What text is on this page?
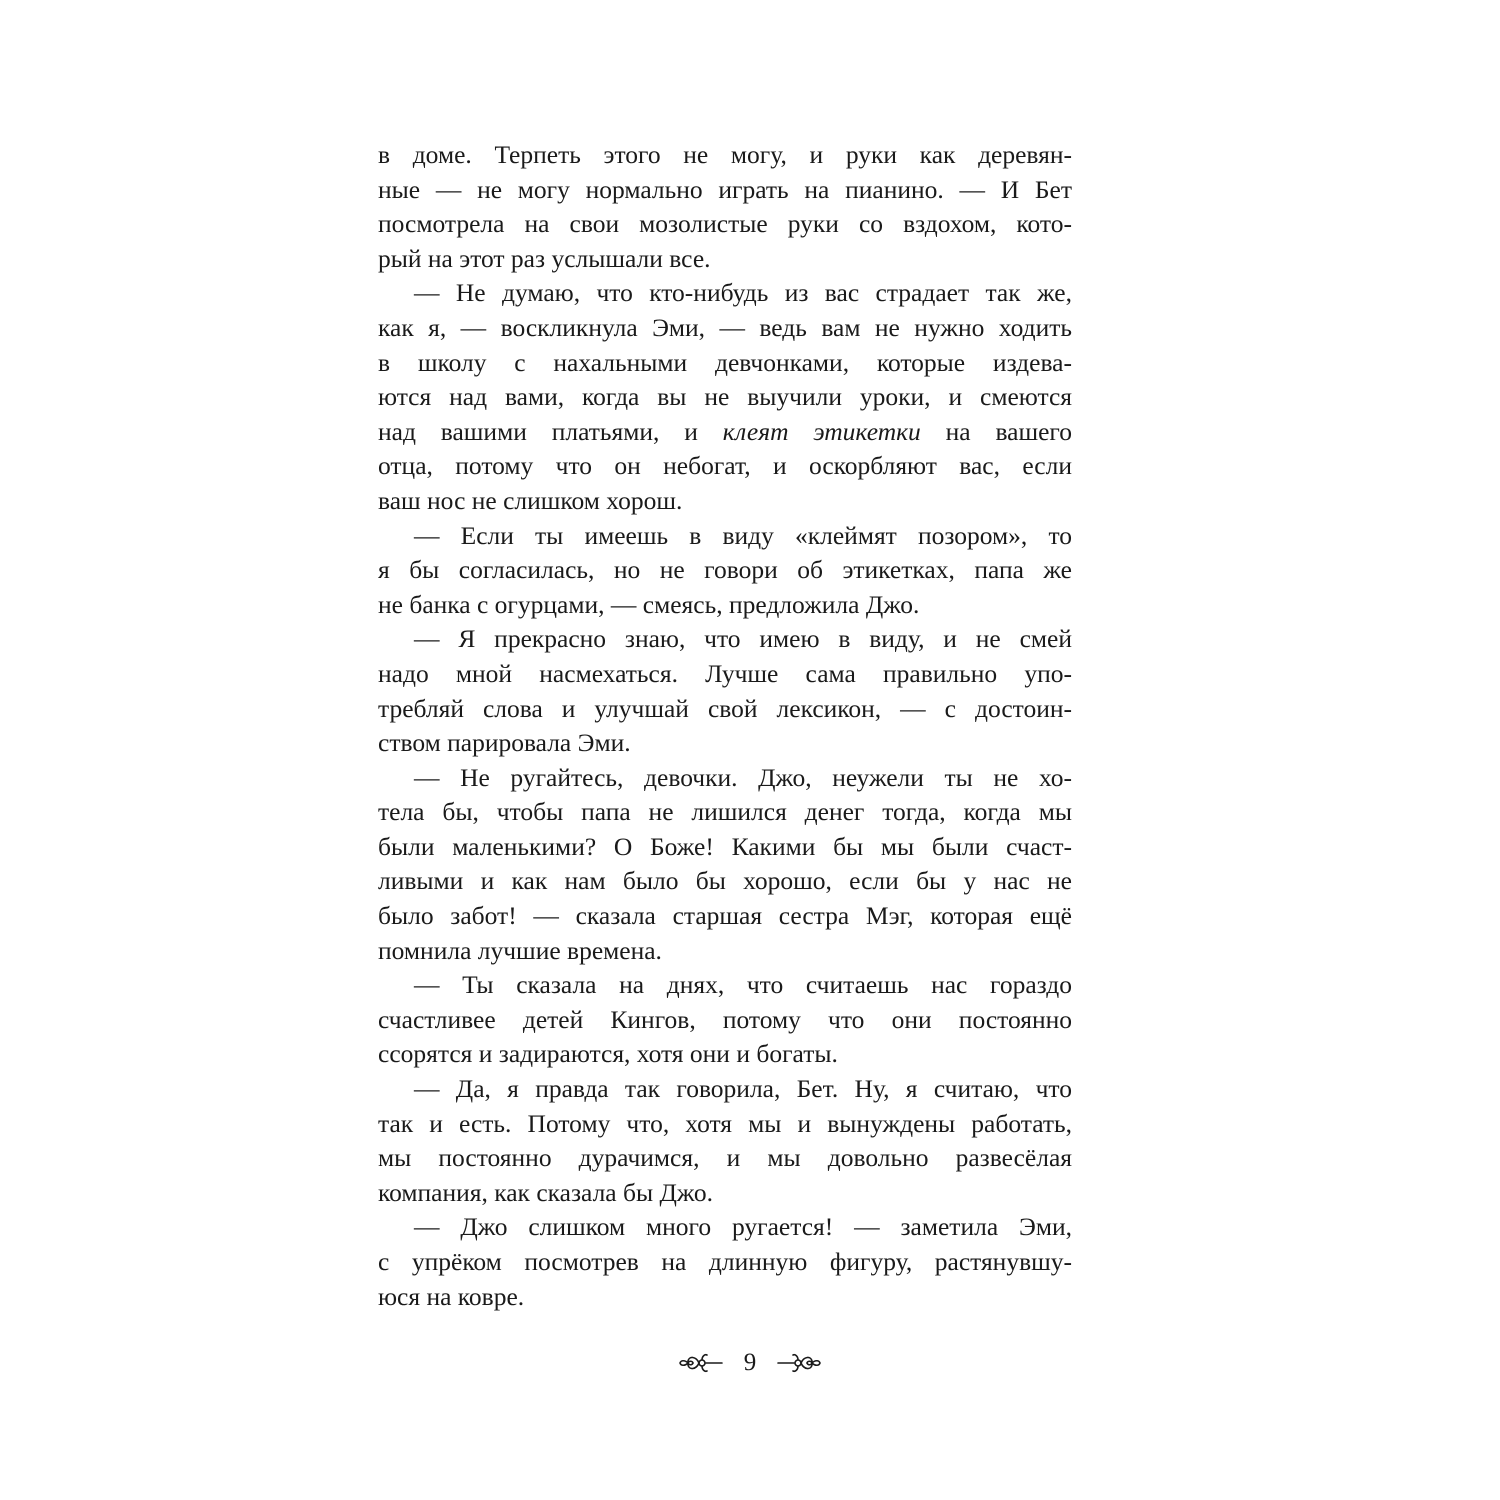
в доме. Терпеть этого не могу, и руки как деревян-
ные — не могу нормально играть на пианино. — И Бет
посмотрела на свои мозолистые руки со вздохом, кото-
рый на этот раз услышали все.
— Не думаю, что кто-нибудь из вас страдает так же,
как я, — воскликнула Эми, — ведь вам не нужно ходить
в школу с нахальными девчонками, которые издева-
ются над вами, когда вы не выучили уроки, и смеются
над вашими платьями, и клеят этикетки на вашего
отца, потому что он небогат, и оскорбляют вас, если
ваш нос не слишком хорош.
— Если ты имеешь в виду «клеймят позором», то
я бы согласилась, но не говори об этикетках, папа же
не банка с огурцами, — смеясь, предложила Джо.
— Я прекрасно знаю, что имею в виду, и не смей
надо мной насмехаться. Лучше сама правильно упо-
требляй слова и улучшай свой лексикон, — с достоин-
ством парировала Эми.
— Не ругайтесь, девочки. Джо, неужели ты не хо-
тела бы, чтобы папа не лишился денег тогда, когда мы
были маленькими? О Боже! Какими бы мы были счаст-
ливыми и как нам было бы хорошо, если бы у нас не
было забот! — сказала старшая сестра Мэг, которая ещё
помнила лучшие времена.
— Ты сказала на днях, что считаешь нас гораздо
счастливее детей Кингов, потому что они постоянно
ссорятся и задираются, хотя они и богаты.
— Да, я правда так говорила, Бет. Ну, я считаю, что
так и есть. Потому что, хотя мы и вынуждены работать,
мы постоянно дурачимся, и мы довольно развесёлая
компания, как сказала бы Джо.
— Джо слишком много ругается! — заметила Эми,
с упрёком посмотрев на длинную фигуру, растянувшу-
юся на ковре.
9
